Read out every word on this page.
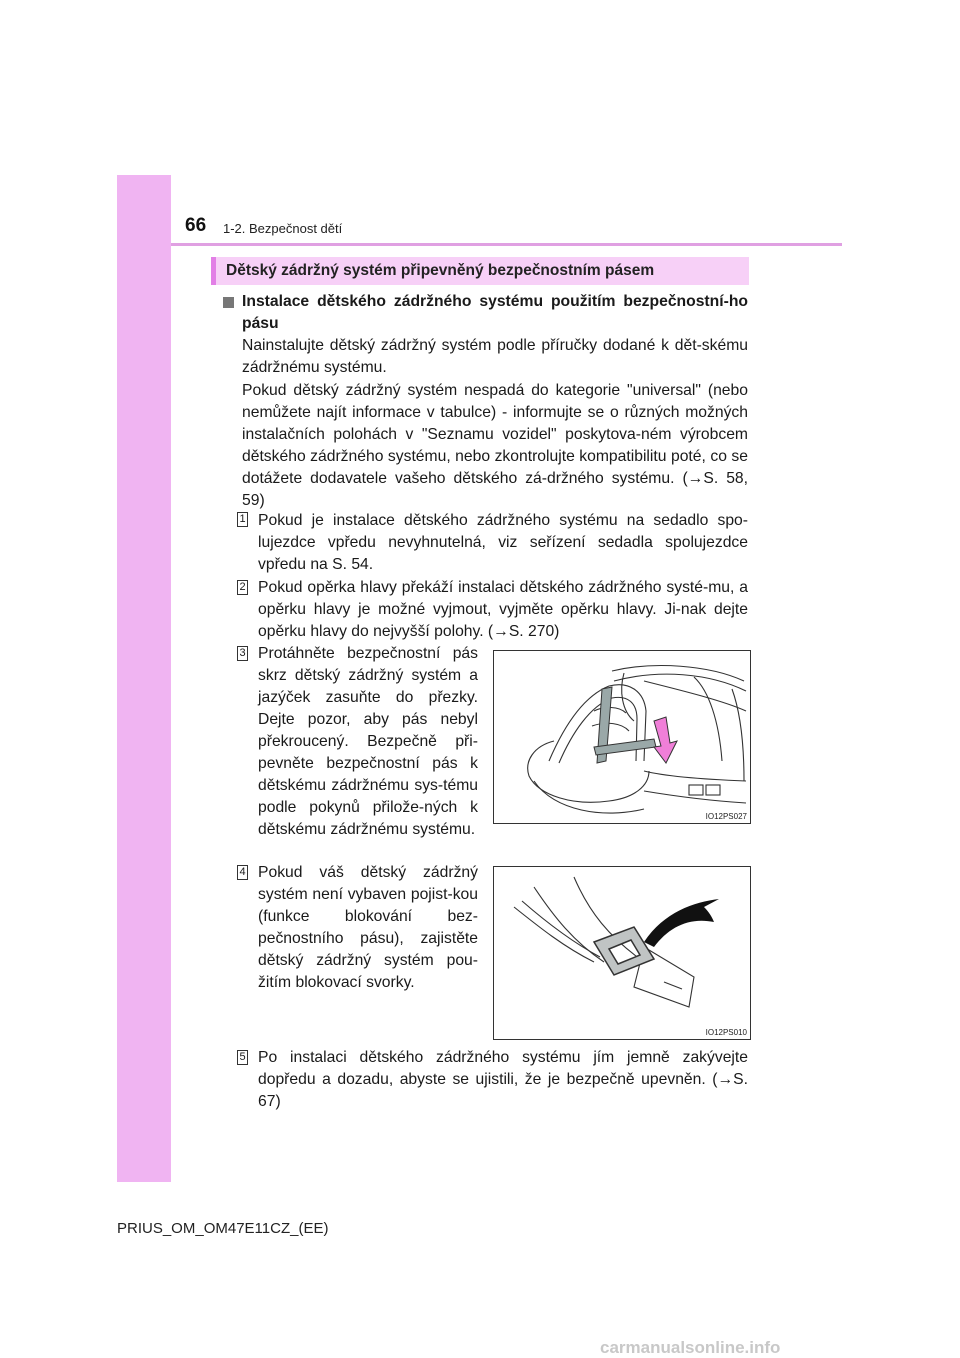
66 1-2. Bezpečnost dětí
Dětský zádržný systém připevněný bezpečnostním pásem
Instalace dětského zádržného systému použitím bezpečnostní-ho pásu
Nainstalujte dětský zádržný systém podle příručky dodané k dět-skému zádržnému systému.
Pokud dětský zádržný systém nespadá do kategorie "universal" (nebo nemůžete najít informace v tabulce) - informujte se o různých možných instalačních polohách v "Seznamu vozidel" poskytova-ném výrobcem dětského zádržného systému, nebo zkontrolujte kompatibilitu poté, co se dotážete dodavatele vašeho dětského zá-držného systému. (→S. 58, 59)
1 Pokud je instalace dětského zádržného systému na sedadlo spo-lujezdce vpředu nevyhnutelná, viz seřízení sedadla spolujezdce vpředu na S. 54.
2 Pokud opěrka hlavy překáží instalaci dětského zádržného systé-mu, a opěrku hlavy je možné vyjmout, vyjměte opěrku hlavy. Ji-nak dejte opěrku hlavy do nejvyšší polohy. (→S. 270)
3 Protáhněte bezpečnostní pás skrz dětský zádržný systém a jazýček zasuňte do přezky. Dejte pozor, aby pás nebyl překroucený. Bezpečně při-pevněte bezpečnostní pás k dětskému zádržnému sys-tému podle pokynů přilože-ných k dětskému zádržnému systému.
IO12PS027
4 Pokud váš dětský zádržný systém není vybaven pojist-kou (funkce blokování bez-pečnostního pásu), zajistěte dětský zádržný systém pou-žitím blokovací svorky.
IO12PS010
5 Po instalaci dětského zádržného systému jím jemně zakývejte dopředu a dozadu, abyste se ujistili, že je bezpečně upevněn. (→S. 67)
PRIUS_OM_OM47E11CZ_(EE)
carmanualsonline.info
